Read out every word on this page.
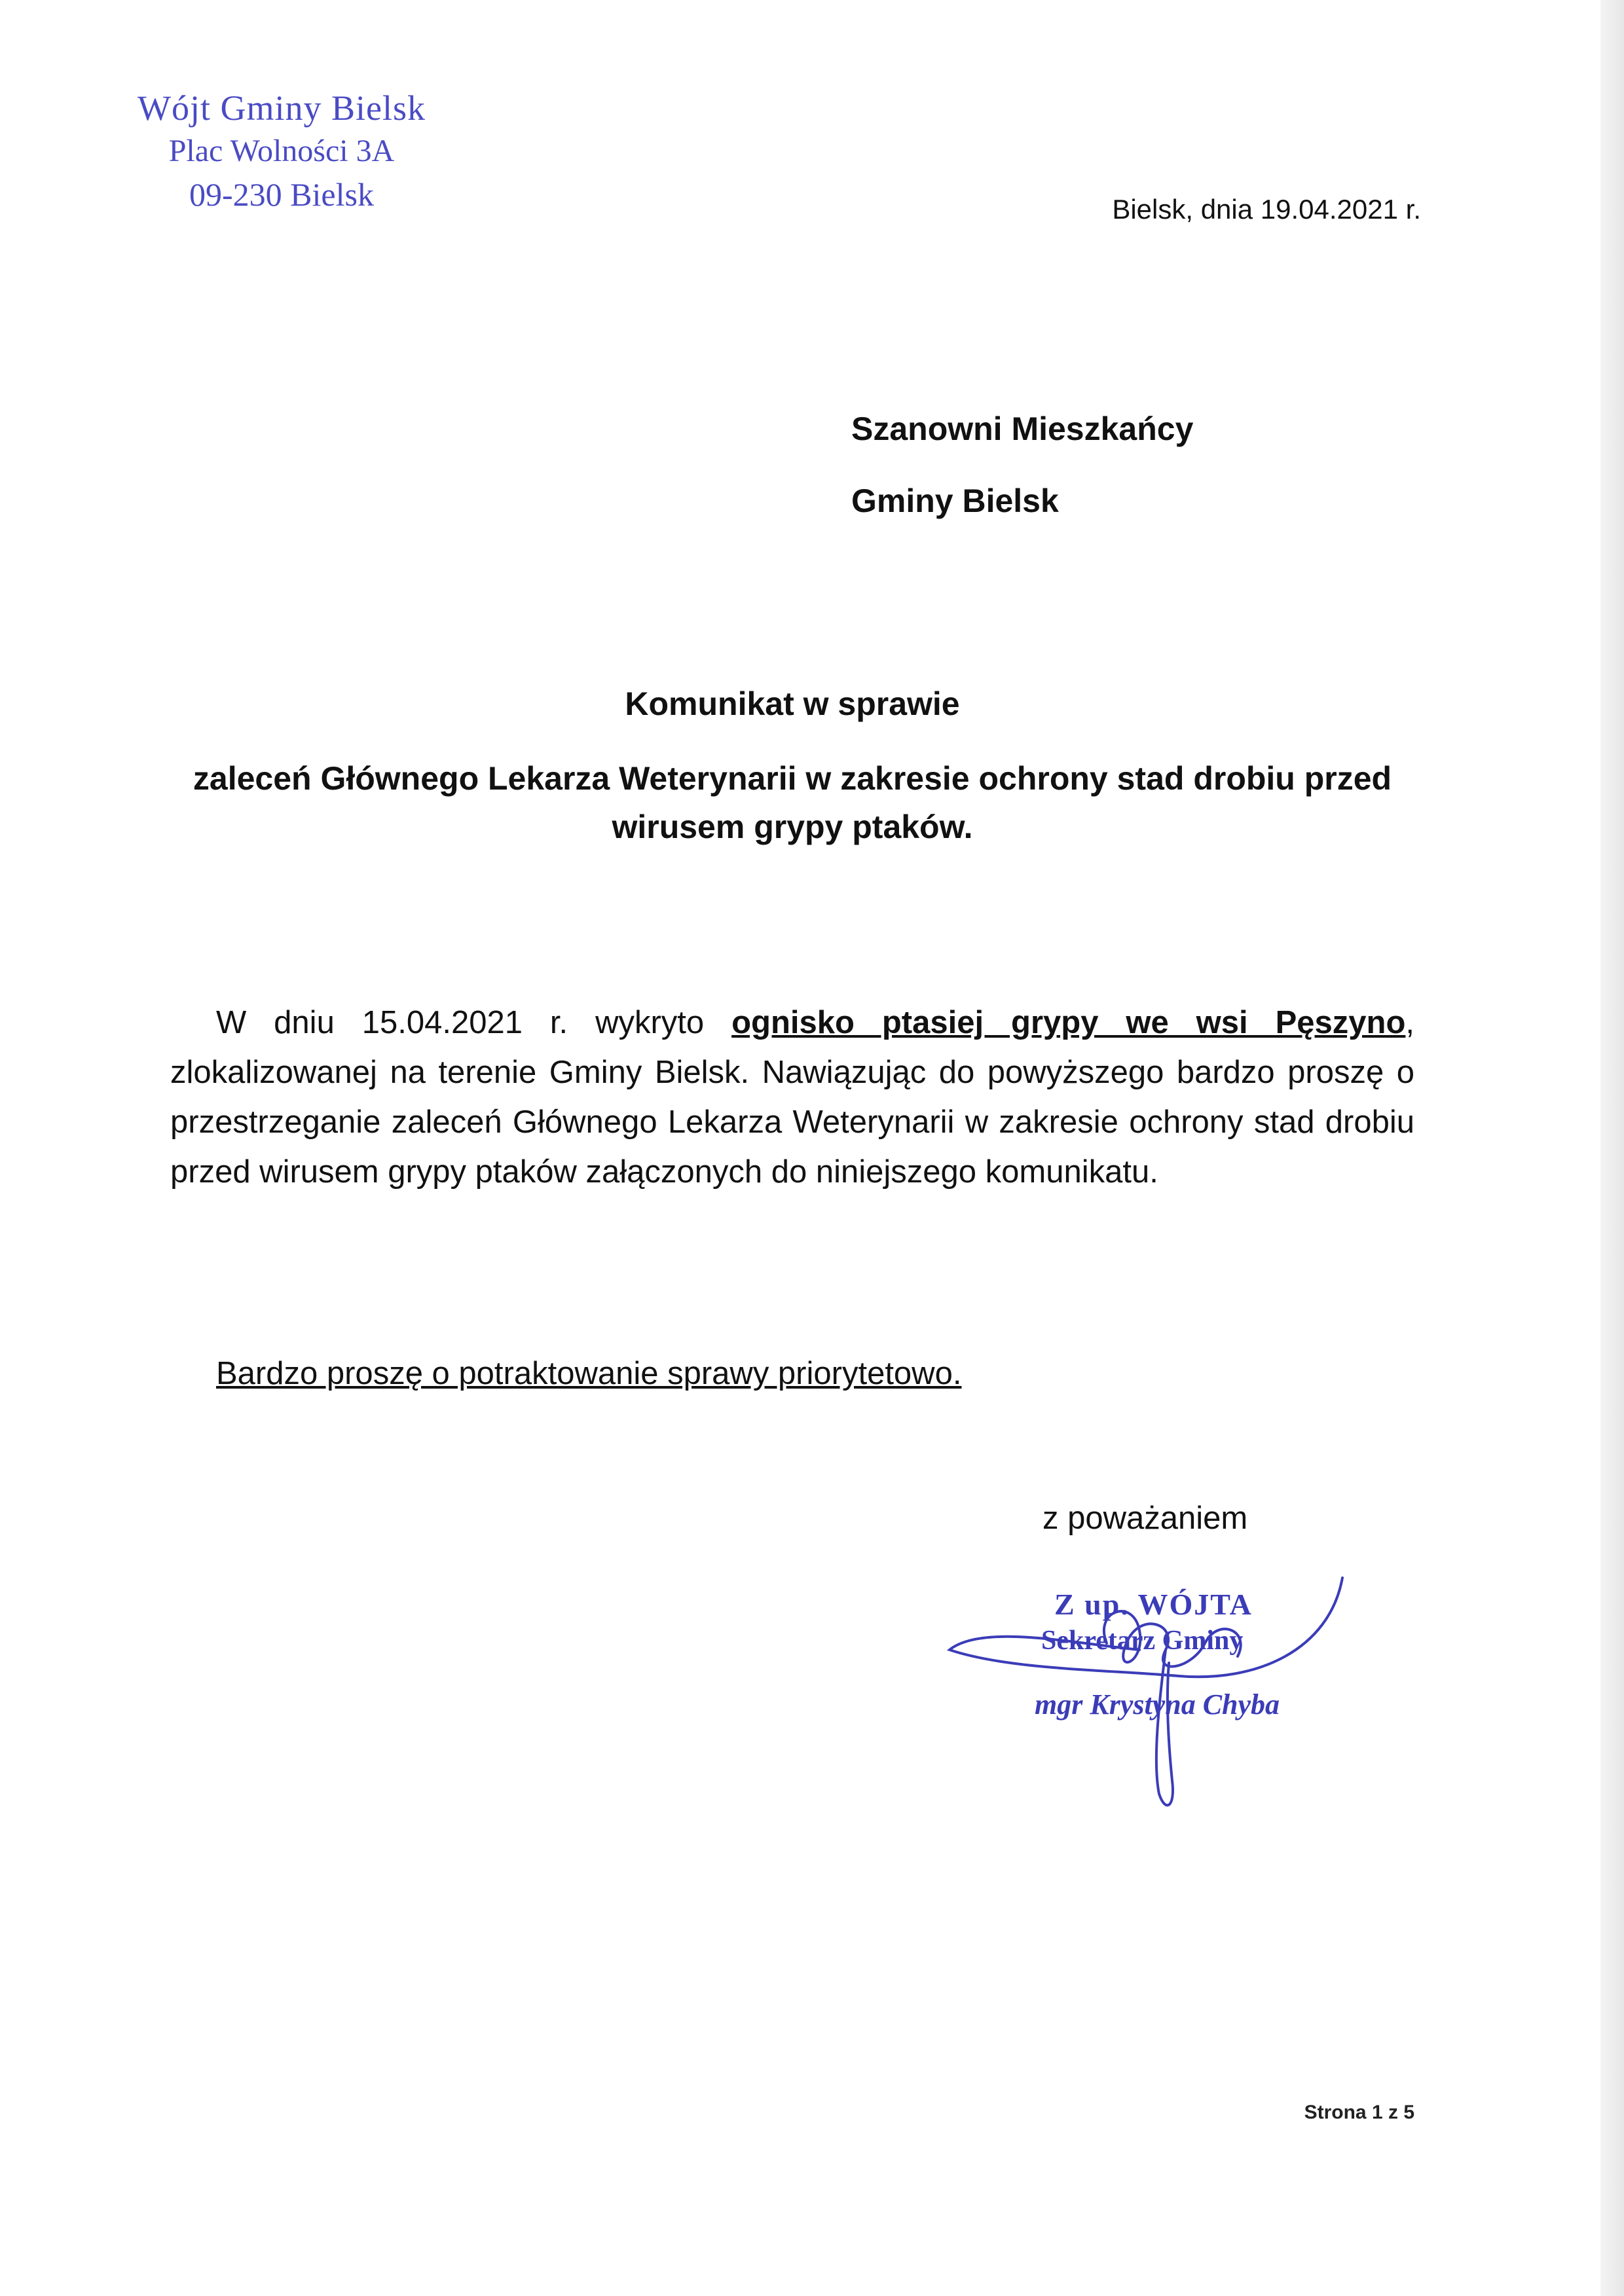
Wójt Gminy Bielsk
Plac Wolności 3A
09-230 Bielsk	Bielsk, dnia 19.04.2021 r.
Szanowni Mieszkańcy
Gminy Bielsk
Komunikat w sprawie
zaleceń Głównego Lekarza Weterynarii w zakresie ochrony stad drobiu przed wirusem grypy ptaków.
W dniu 15.04.2021 r. wykryto ognisko ptasiej grypy we wsi Pęszyno, zlokalizowanej na terenie Gminy Bielsk. Nawiązując do powyższego bardzo proszę o przestrzeganie zaleceń Głównego Lekarza Weterynarii w zakresie ochrony stad drobiu przed wirusem grypy ptaków załączonych do niniejszego komunikatu.
Bardzo proszę o potraktowanie sprawy priorytetowo.
z poważaniem
Z up. WÓJTA
Sekretarz Gminy
mgr Krystyna Chyba
Strona 1 z 5
